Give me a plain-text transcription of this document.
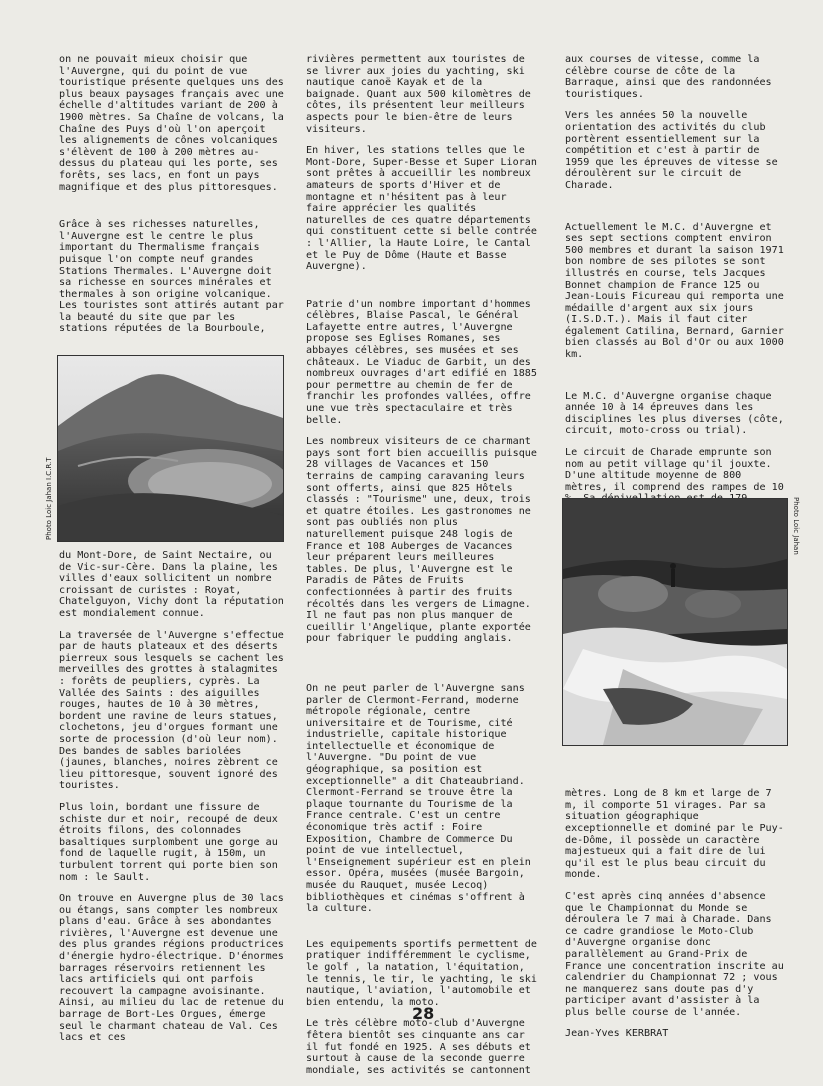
on ne pouvait mieux choisir que l'Auvergne, qui du point de vue touristique présente quelques uns des plus beaux paysages français avec une échelle d'altitudes variant de 200 à 1900 mètres. Sa Chaîne de volcans, la Chaîne des Puys d'où l'on aperçoit les alignements de cônes volcaniques s'élèvent de 100 à 200 mètres au-dessus du plateau qui les porte, ses forêts, ses lacs, en font un pays magnifique et des plus pittoresques.

Grâce à ses richesses naturelles, l'Auvergne est le centre le plus important du Thermalisme français puisque l'on compte neuf grandes Stations Thermales. L'Auvergne doit sa richesse en sources minérales et thermales à son origine volcanique. Les touristes sont attirés autant par la beauté du site que par les stations réputées de la Bourboule,

du Mont-Dore, de Saint Nectaire, ou de Vic-sur-Cère. Dans la plaine, les villes d'eaux sollicitent un nombre croissant de curistes : Royat, Chatelguyon, Vichy dont la réputation est mondialement connue.

La traversée de l'Auvergne s'effectue par de hauts plateaux et des déserts pierreux sous lesquels se cachent les merveilles des grottes à stalagmites : forêts de peupliers, cyprès. La Vallée des Saints : des aiguilles rouges, hautes de 10 à 30 mètres, bordent une ravine de leurs statues, clochetons, jeu d'orgues formant une sorte de procession (d'où leur nom). Des bandes de sables bariolées (jaunes, blanches, noires zèbrent ce lieu pittoresque, souvent ignoré des touristes.

Plus loin, bordant une fissure de schiste dur et noir, recoupé de deux étroits filons, des colonnades basaltiques surplombent une gorge au fond de laquelle rugit, à 150m, un turbulent torrent qui porte bien son nom : le Sault.

On trouve en Auvergne plus de 30 lacs ou étangs, sans compter les nombreux plans d'eau. Grâce à ses abondantes rivières, l'Auvergne est devenue une des plus grandes régions productrices d'énergie hydro-électrique. D'énormes barrages réservoirs retiennent les lacs artificiels qui ont parfois recouvert la campagne avoisinante. Ainsi, au milieu du lac de retenue du barrage de Bort-Les Orgues, émerge seul le charmant chateau de Val. Ces lacs et ces

Photo Loic Jahan I.C.R.T

rivières permettent aux touristes de se livrer aux joies du yachting, ski nautique canoë Kayak et de la baignade. Quant aux 500 kilomètres de côtes, ils présentent leur meilleurs aspects pour le bien-être de leurs visiteurs.

En hiver, les stations telles que le Mont-Dore, Super-Besse et Super Lioran sont prêtes à accueillir les nombreux amateurs de sports d'Hiver et de montagne et n'hésitent pas à leur faire apprécier les qualités naturelles de ces quatre départements qui constituent cette si belle contrée : l'Allier, la Haute Loire, le Cantal et le Puy de Dôme (Haute et Basse Auvergne).

Patrie d'un nombre important d'hommes célèbres, Blaise Pascal, le Général Lafayette entre autres, l'Auvergne propose ses Eglises Romanes, ses abbayes célèbres, ses musées et ses châteaux. Le Viaduc de Garbit, un des nombreux ouvrages d'art edifié en 1885 pour permettre au chemin de fer de franchir les profondes vallées, offre une vue très spectaculaire et très belle.

Les nombreux visiteurs de ce charmant pays sont fort bien accueillis puisque 28 villages de Vacances et 150 terrains de camping caravaning leurs sont offerts, ainsi que 825 Hôtels classés : "Tourisme" une, deux, trois et quatre étoiles. Les gastronomes ne sont pas oubliés non plus naturellement puisque 248 logis de France et 108 Auberges de Vacances leur préparent leurs meilleures tables. De plus, l'Auvergne est le Paradis de Pâtes de Fruits confectionnées à partir des fruits récoltés dans les vergers de Limagne. Il ne faut pas non plus manquer de cueillir l'Angelique, plante exportée pour fabriquer le pudding anglais.

On ne peut parler de l'Auvergne sans parler de Clermont-Ferrand, moderne métropole régionale, centre universitaire et de Tourisme, cité industrielle, capitale historique intellectuelle et économique de l'Auvergne. "Du point de vue géographique, sa position est exceptionnelle" a dit Chateaubriand. Clermont-Ferrand se trouve être la plaque tournante du Tourisme de la France centrale. C'est un centre économique très actif : Foire Exposition, Chambre de Commerce Du point de vue intellectuel, l'Enseignement supérieur est en plein essor. Opéra, musées (musée Bargoin, musée du Rauquet, musée Lecoq) bibliothèques et cinémas s'offrent à la culture.

Les equipements sportifs permettent de pratiquer indifféremment le cyclisme, le golf , la natation, l'équitation, le tennis, le tir, le yachting, le ski nautique, l'aviation, l'automobile et bien entendu, la moto.

Le très célèbre moto-club d'Auvergne fêtera bientôt ses cinquante ans car il fut fondé en 1925. A ses débuts et surtout à cause de la seconde guerre mondiale, ses activités se cantonnent

aux courses de vitesse, comme la célèbre course de côte de la Barraque, ainsi que des randonnées touristiques.

Vers les années 50 la nouvelle orientation des activités du club portèrent essentiellement sur la compétition et c'est à partir de 1959 que les épreuves de vitesse se déroulèrent sur le circuit de Charade.

Actuellement le M.C. d'Auvergne et ses sept sections comptent environ 500 membres et durant la saison 1971 bon nombre de ses pilotes se sont illustrés en course, tels Jacques Bonnet champion de France 125 ou Jean-Louis Ficureau qui remporta une médaille d'argent aux six jours (I.S.D.T.). Mais il faut citer également Catilina, Bernard, Garnier bien classés au Bol d'Or ou aux 1000 km.

Le M.C. d'Auvergne organise chaque année 10 à 14 épreuves dans les disciplines les plus diverses (côte, circuit, moto-cross ou trial).

Le circuit de Charade emprunte son nom au petit village qu'il jouxte. D'une altitude moyenne de 800 mètres, il comprend des rampes de 10

mètres. Long de 8 km et large de 7 m, il comporte 51 virages. Par sa situation géographique exceptionnelle et dominé par le Puy-de-Dôme, il possède un caractère majestueux qui a fait dire de lui qu'il est le plus beau circuit du monde.

C'est après cinq années d'absence que le Championnat du Monde se déroulera le 7 mai à Charade. Dans ce cadre grandiose le Moto-Club d'Auvergne organise donc parallèlement au Grand-Prix de France une concentration inscrite au calendrier du Championnat 72 ; vous ne manquerez sans doute pas d'y participer avant d'assister à la plus belle course de l'année.

Jean-Yves KERBRAT

Photo Loic Jahan
28
